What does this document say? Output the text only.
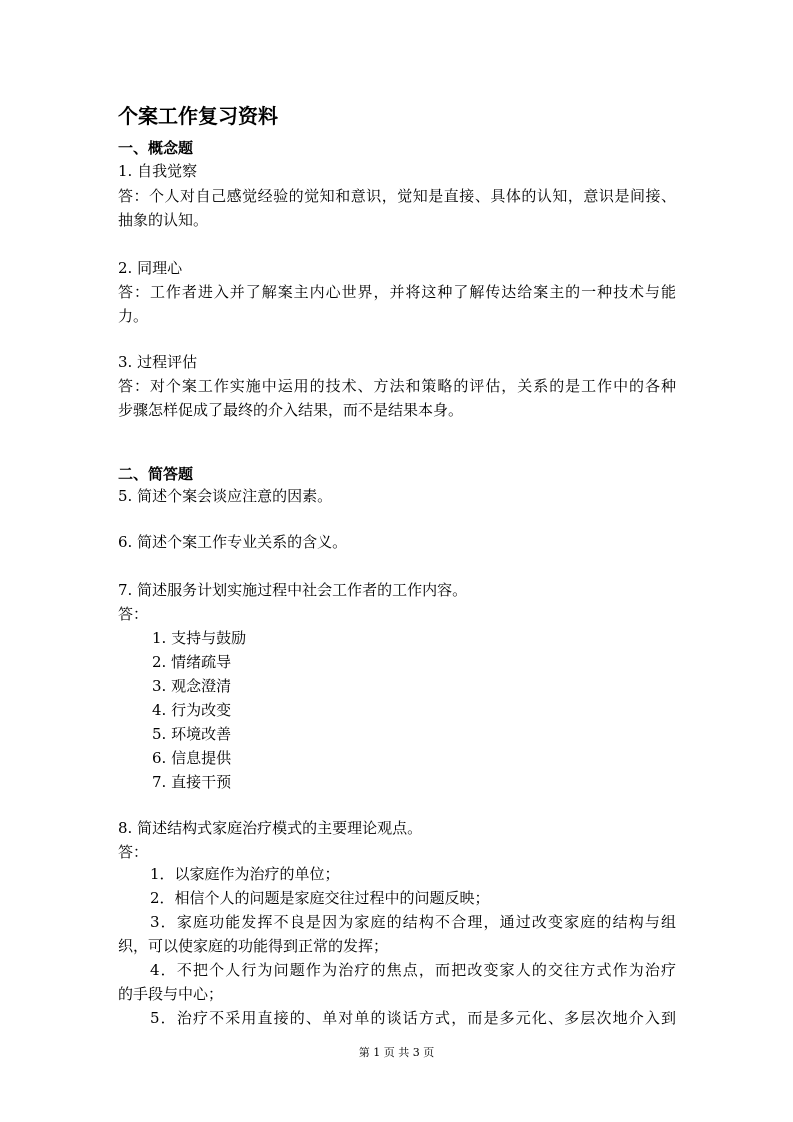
个案工作复习资料
一、概念题
1. 自我觉察
答：个人对自己感觉经验的觉知和意识，觉知是直接、具体的认知，意识是间接、
抽象的认知。
2. 同理心
答：工作者进入并了解案主内心世界，并将这种了解传达给案主的一种技术与能
力。
3. 过程评估
答：对个案工作实施中运用的技术、方法和策略的评估，关系的是工作中的各种
步骤怎样促成了最终的介入结果，而不是结果本身。
二、简答题
5. 简述个案会谈应注意的因素。
6. 简述个案工作专业关系的含义。
7. 简述服务计划实施过程中社会工作者的工作内容。
答：
1. 支持与鼓励
2. 情绪疏导
3. 观念澄清
4. 行为改变
5. 环境改善
6. 信息提供
7. 直接干预
8. 简述结构式家庭治疗模式的主要理论观点。
答：
1．以家庭作为治疗的单位；
2．相信个人的问题是家庭交往过程中的问题反映；
3．家庭功能发挥不良是因为家庭的结构不合理，通过改变家庭的结构与组
织，可以使家庭的功能得到正常的发挥；
4．不把个人行为问题作为治疗的焦点，而把改变家人的交往方式作为治疗
的手段与中心；
5．治疗不采用直接的、单对单的谈话方式，而是多元化、多层次地介入到
第 1 页 共 3 页
